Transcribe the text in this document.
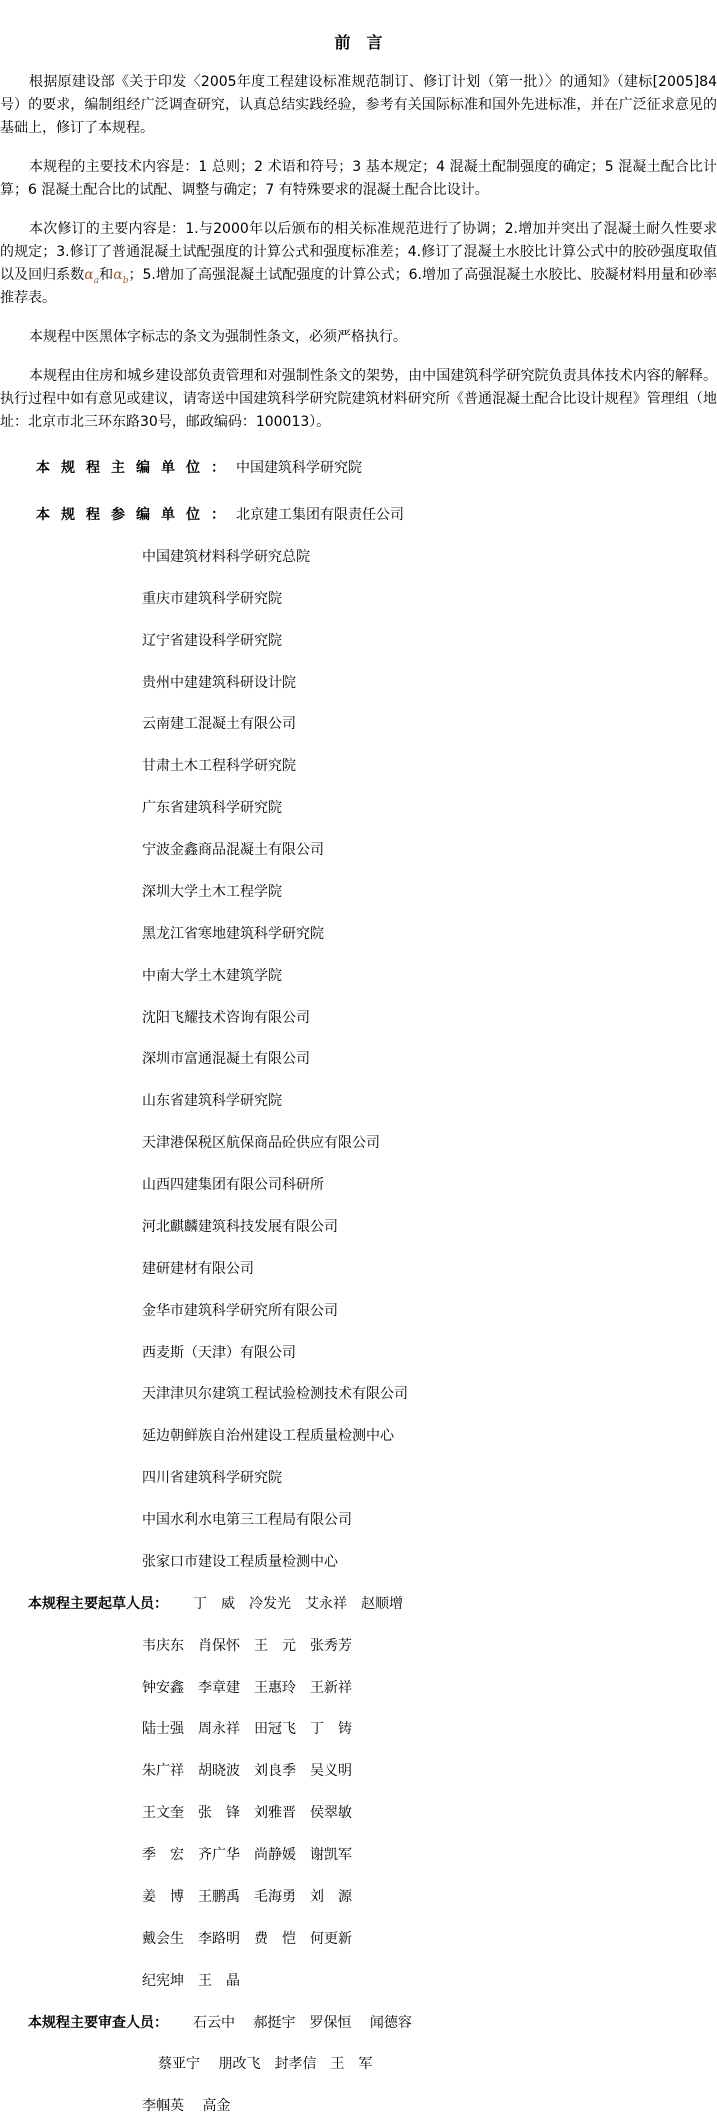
前　言
根据原建设部《关于印发〈2005年度工程建设标准规范制订、修订计划（第一批）〉的通知》（建标[2005]84号）的要求，编制组经广泛调查研究，认真总结实践经验，参考有关国际标准和国外先进标准，并在广泛征求意见的基础上，修订了本规程。
本规程的主要技术内容是：1 总则；2 术语和符号；3 基本规定；4 混凝土配制强度的确定；5 混凝土配合比计算；6 混凝土配合比的试配、调整与确定；7 有特殊要求的混凝土配合比设计。
本次修订的主要内容是：1.与2000年以后颁布的相关标准规范进行了协调；2.增加并突出了混凝土耐久性要求的规定；3.修订了普通混凝土试配强度的计算公式和强度标准差；4.修订了混凝土水胶比计算公式中的胶砂强度取值以及回归系数$\alpha_a$和$\alpha_b$；5.增加了高强混凝土试配强度的计算公式；6.增加了高强混凝土水胶比、胶凝材料用量和砂率推荐表。
本规程中医黑体字标志的条文为强制性条文，必须严格执行。
本规程由住房和城乡建设部负责管理和对强制性条文的架势，由中国建筑科学研究院负责具体技术内容的解释。执行过程中如有意见或建议，请寄送中国建筑科学研究院建筑材料研究所《普通混凝土配合比设计规程》管理组（地址：北京市北三环东路30号，邮政编码：100013）。
本规程主编单位：中国建筑科学研究院
本规程参编单位：北京建工集团有限责任公司
中国建筑材料科学研究总院
重庆市建筑科学研究院
辽宁省建设科学研究院
贵州中建建筑科研设计院
云南建工混凝土有限公司
甘肃土木工程科学研究院
广东省建筑科学研究院
宁波金鑫商品混凝土有限公司
深圳大学土木工程学院
黑龙江省寒地建筑科学研究院
中南大学土木建筑学院
沈阳飞耀技术咨询有限公司
深圳市富通混凝土有限公司
山东省建筑科学研究院
天津港保税区航保商品砼供应有限公司
山西四建集团有限公司科研所
河北麒麟建筑科技发展有限公司
建研建材有限公司
金华市建筑科学研究所有限公司
西麦斯（天津）有限公司
天津津贝尔建筑工程试验检测技术有限公司
延边朝鲜族自治州建设工程质量检测中心
四川省建筑科学研究院
中国水利水电第三工程局有限公司
张家口市建设工程质量检测中心
本规程主要起草人员： 丁　威　冷发光　艾永祥　赵顺增
韦庆东　肖保怀　王　元　张秀芳
钟安鑫　李章建　王惠玲　王新祥
陆士强　周永祥　田冠飞　丁　铸
朱广祥　胡晓波　刘良季　吴义明
王文奎　张　锋　刘雅晋　侯翠敏
季　宏　齐广华　尚静媛　谢凯军
姜　博　王鹏禹　毛海勇　刘　源
戴会生　李路明　费　恺　何更新
纪宪坤　王　晶
本规程主要审查人员： 石云中　 郝挺宇　罗保恒　 闻德容
蔡亚宁　 朋改飞　封孝信　王　军
李帼英　 高金
